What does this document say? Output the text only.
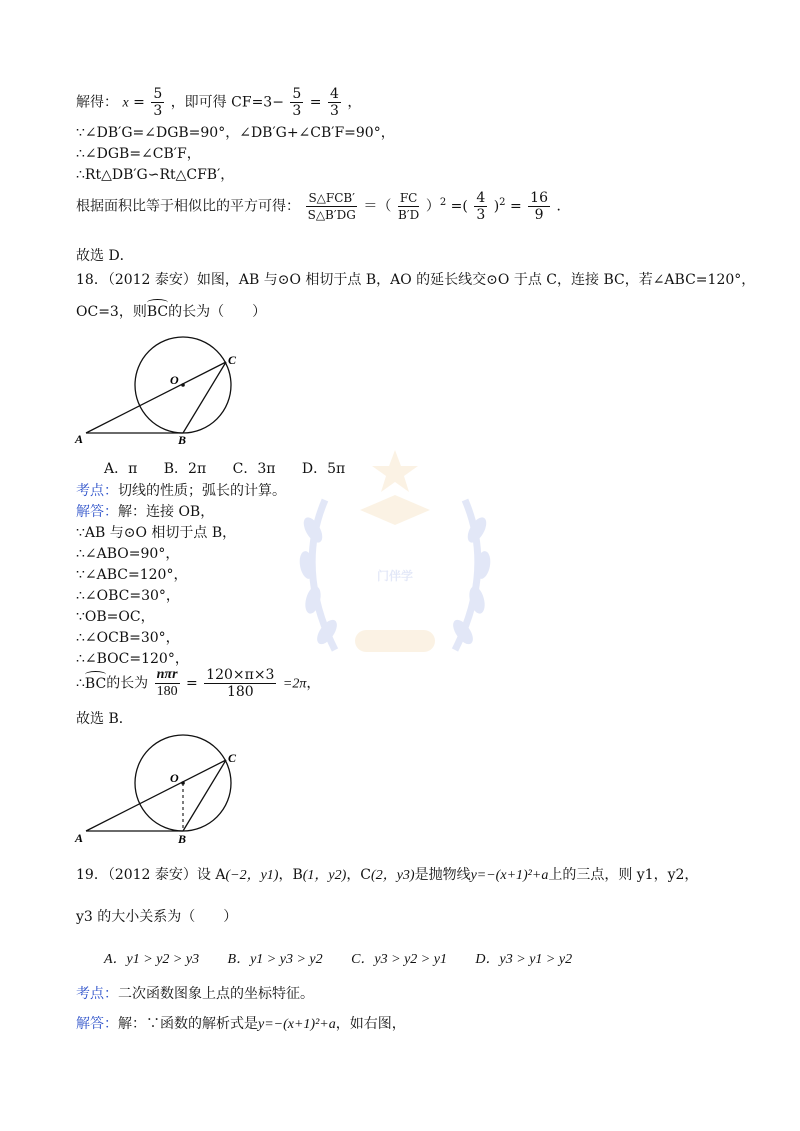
门伴学
解得： $x = \frac{5}{3}$ ，即可得 $CF=3- \frac{5}{3} = \frac{4}{3}$ ，
∵∠DB′G=∠DGB=90°，∠DB′G+∠CB′F=90°，
∴∠DGB=∠CB′F，
∴Rt△DB′G∽Rt△CFB′，
根据面积比等于相似比的平方可得： $\frac{\text{S△FCB′}}{S\triangle B'DG}$ ＝（ $\frac{FC}{B'D} )^2$ =( $\frac{4}{3} )^2 = \frac{16}{9}$ ．
故选 D．
18．（2012 泰安）如图，AB 与⊙O 相切于点 B，AO 的延长线交⊙O 于点 C，连接 BC，若∠ABC=120°，
OC=3，则BC的长为（　　）
O
C
A	B
A．π B．2π C．3π D．5π
考点：切线的性质；弧长的计算。
解答：解：连接 OB，
∵AB 与⊙O 相切于点 B，
∴∠ABO=90°，
∵∠ABC=120°，
∴∠OBC=30°，
∵OB=OC，
∴∠OCB=30°，
∴∠BOC=120°，
∴BC的长为 $\frac{\text{nπr}}{180} = \frac{120\times\pi\times 3}{180} =2\pi$，
故选 B．
O
C
A	B
19．（2012 泰安）设 A(−2，y1)，B(1，y2)，C(2，y3)是抛物线y=−(x+1)²+a上的三点，则 y1，y2，
y3 的大小关系为（　　）
A．y1 > y2 > y3 B．y1 > y3 > y2 C．y3 > y2 > y1 D．y3 > y1 > y2
考点：二次函数图象上点的坐标特征。
解答：解：∵函数的解析式是y=−(x+1)²+a，如右图，
